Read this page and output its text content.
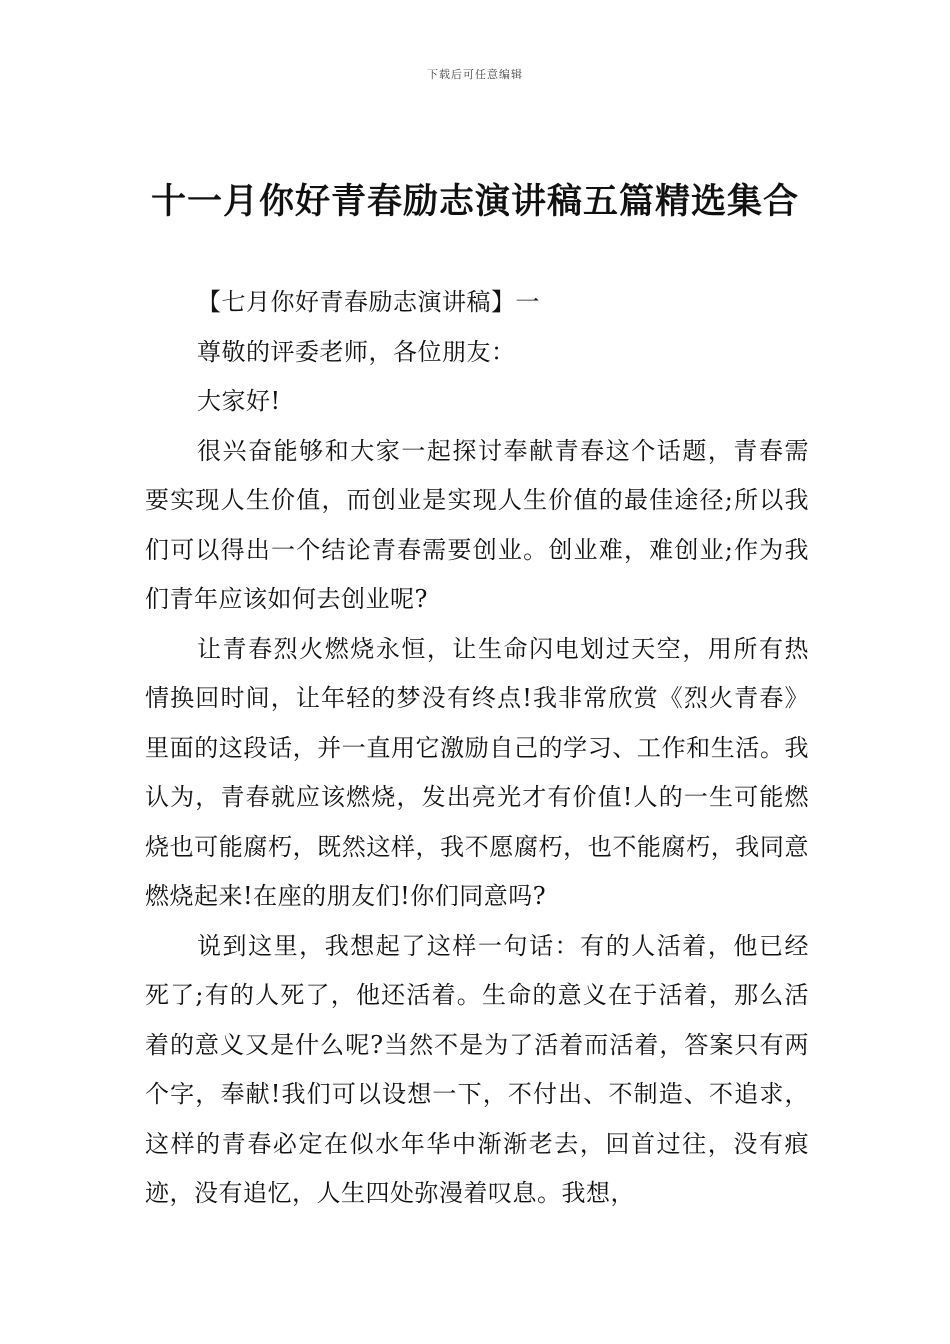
下载后可任意编辑
十一月你好青春励志演讲稿五篇精选集合

【七月你好青春励志演讲稿】一

尊敬的评委老师，各位朋友：

大家好!

很兴奋能够和大家一起探讨奉献青春这个话题，青春需要实现人生价值，而创业是实现人生价值的最佳途径;所以我们可以得出一个结论青春需要创业。创业难，难创业;作为我们青年应该如何去创业呢?

让青春烈火燃烧永恒，让生命闪电划过天空，用所有热情换回时间，让年轻的梦没有终点!我非常欣赏《烈火青春》里面的这段话，并一直用它激励自己的学习、工作和生活。我认为，青春就应该燃烧，发出亮光才有价值!人的一生可能燃烧也可能腐朽，既然这样，我不愿腐朽，也不能腐朽，我同意燃烧起来!在座的朋友们!你们同意吗?

说到这里，我想起了这样一句话：有的人活着，他已经死了;有的人死了，他还活着。生命的意义在于活着，那么活着的意义又是什么呢?当然不是为了活着而活着，答案只有两个字，奉献!我们可以设想一下，不付出、不制造、不追求，这样的青春必定在似水年华中渐渐老去，回首过往，没有痕迹，没有追忆，人生四处弥漫着叹息。我想，
